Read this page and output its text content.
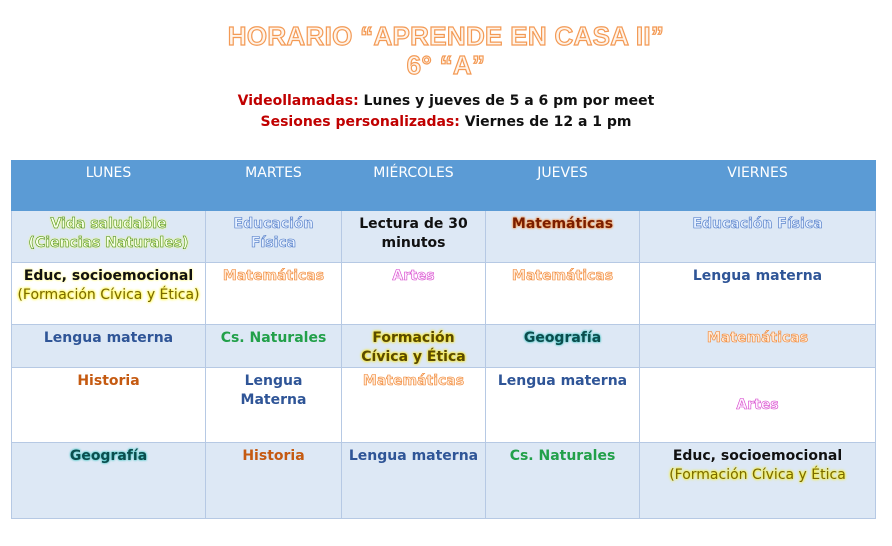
HORARIO “APRENDE EN CASA II”
6° “A”
Videollamadas: Lunes y jueves de 5 a 6 pm por meet
Sesiones personalizadas: Viernes de 12 a 1 pm
LUNES	MARTES	MIÉRCOLES	JUEVES	VIERNES
Vida saludable
(Ciencias Naturales)	Educación
Física	Lectura de 30
minutos	Matemáticas	Educación Física
Educ, socioemocional
(Formación Cívica y Ética)	Matemáticas	Artes	Matemáticas	Lengua materna
Lengua materna	Cs. Naturales	Formación
Cívica y Ética	Geografía	Matemáticas
Historia	Lengua
Materna	Matemáticas	Lengua materna	Artes
Geografía	Historia	Lengua materna	Cs. Naturales	Educ, socioemocional
(Formación Cívica y Ética
